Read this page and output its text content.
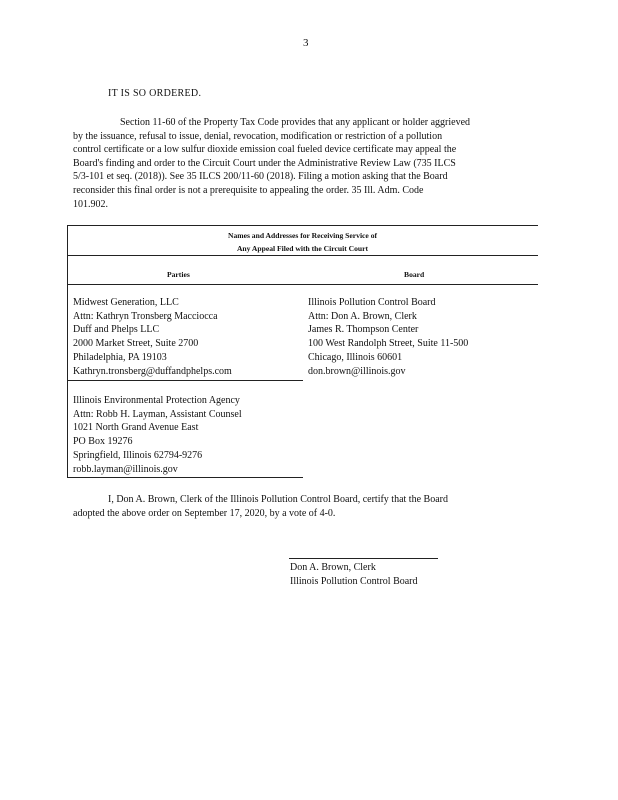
3
IT IS SO ORDERED.
Section 11-60 of the Property Tax Code provides that any applicant or holder aggrieved
by the issuance, refusal to issue, denial, revocation, modification or restriction of a pollution
control certificate or a low sulfur dioxide emission coal fueled device certificate may appeal the
Board's finding and order to the Circuit Court under the Administrative Review Law (735 ILCS
5/3-101 et seq. (2018)). See 35 ILCS 200/11-60 (2018). Filing a motion asking that the Board
reconsider this final order is not a prerequisite to appealing the order. 35 Ill. Adm. Code
101.902.
Names and Addresses for Receiving Service of
Any Appeal Filed with the Circuit Court
Parties	Board
Midwest Generation, LLC
Attn: Kathryn Tronsberg Macciocca
Duff and Phelps LLC
2000 Market Street, Suite 2700
Philadelphia, PA 19103
Kathryn.tronsberg@duffandphelps.com
Illinois Pollution Control Board
Attn: Don A. Brown, Clerk
James R. Thompson Center
100 West Randolph Street, Suite 11-500
Chicago, Illinois 60601
don.brown@illinois.gov
Illinois Environmental Protection Agency
Attn: Robb H. Layman, Assistant Counsel
1021 North Grand Avenue East
PO Box 19276
Springfield, Illinois 62794-9276
robb.layman@illinois.gov
I, Don A. Brown, Clerk of the Illinois Pollution Control Board, certify that the Board
adopted the above order on September 17, 2020, by a vote of 4-0.
Don A. Brown, Clerk
Illinois Pollution Control Board
